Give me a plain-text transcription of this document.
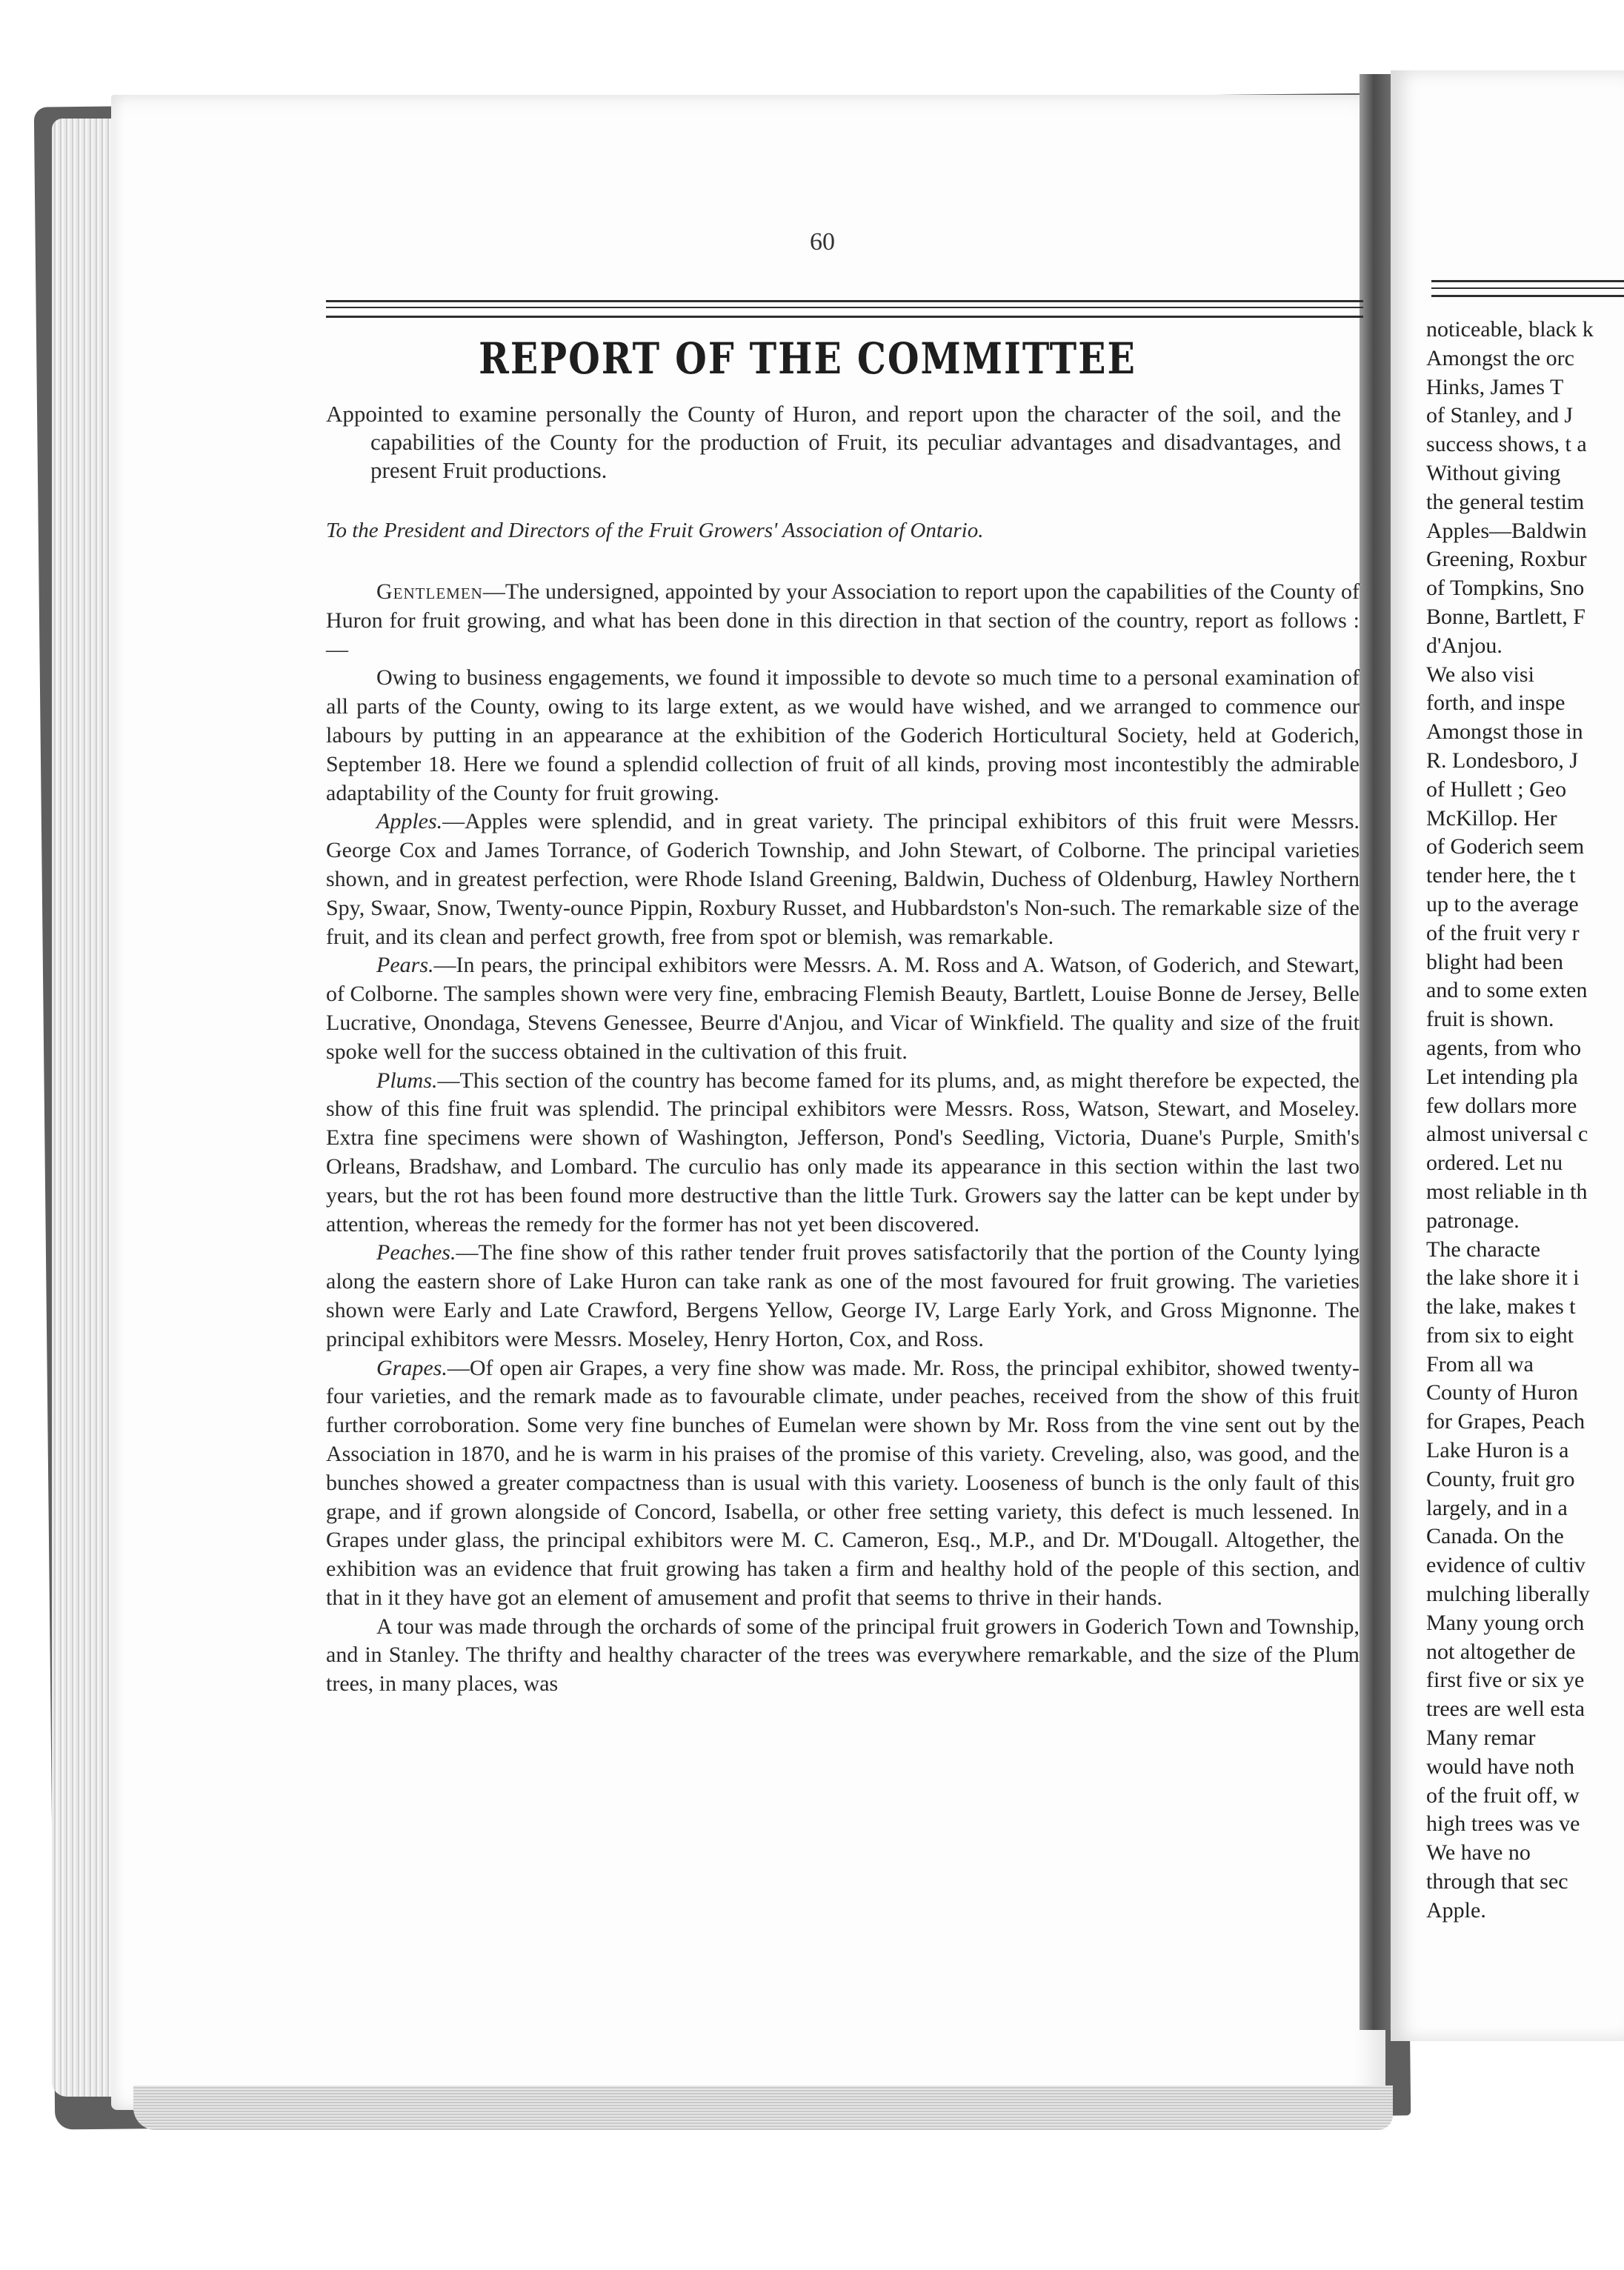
60
REPORT OF THE COMMITTEE
Appointed to examine personally the County of Huron, and report upon the character of the soil, and the capabilities of the County for the production of Fruit, its peculiar advantages and disadvantages, and present Fruit productions.
To the President and Directors of the Fruit Growers' Association of Ontario.

Gentlemen—The undersigned, appointed by your Association to report upon the capabilities of the County of Huron for fruit growing, and what has been done in this direction in that section of the country, report as follows :—

Owing to business engagements, we found it impossible to devote so much time to a personal examination of all parts of the County, owing to its large extent, as we would have wished, and we arranged to commence our labours by putting in an appearance at the exhibition of the Goderich Horticultural Society, held at Goderich, September 18. Here we found a splendid collection of fruit of all kinds, proving most incontestibly the admirable adaptability of the County for fruit growing.

Apples.—Apples were splendid, and in great variety. The principal exhibitors of this fruit were Messrs. George Cox and James Torrance, of Goderich Township, and John Stewart, of Colborne. The principal varieties shown, and in greatest perfection, were Rhode Island Greening, Baldwin, Duchess of Oldenburg, Hawley Northern Spy, Swaar, Snow, Twenty-ounce Pippin, Roxbury Russet, and Hubbardston's Non-such. The remarkable size of the fruit, and its clean and perfect growth, free from spot or blemish, was remarkable.

Pears.—In pears, the principal exhibitors were Messrs. A. M. Ross and A. Watson, of Goderich, and Stewart, of Colborne. The samples shown were very fine, embracing Flemish Beauty, Bartlett, Louise Bonne de Jersey, Belle Lucrative, Onondaga, Stevens Genessee, Beurre d'Anjou, and Vicar of Winkfield. The quality and size of the fruit spoke well for the success obtained in the cultivation of this fruit.

Plums.—This section of the country has become famed for its plums, and, as might therefore be expected, the show of this fine fruit was splendid. The principal exhibitors were Messrs. Ross, Watson, Stewart, and Moseley. Extra fine specimens were shown of Washington, Jefferson, Pond's Seedling, Victoria, Duane's Purple, Smith's Orleans, Bradshaw, and Lombard. The curculio has only made its appearance in this section within the last two years, but the rot has been found more destructive than the little Turk. Growers say the latter can be kept under by attention, whereas the remedy for the former has not yet been discovered.

Peaches.—The fine show of this rather tender fruit proves satisfactorily that the portion of the County lying along the eastern shore of Lake Huron can take rank as one of the most favoured for fruit growing. The varieties shown were Early and Late Crawford, Bergens Yellow, George IV, Large Early York, and Gross Mignonne. The principal exhibitors were Messrs. Moseley, Henry Horton, Cox, and Ross.

Grapes.—Of open air Grapes, a very fine show was made. Mr. Ross, the principal exhibitor, showed twenty-four varieties, and the remark made as to favourable climate, under peaches, received from the show of this fruit further corroboration. Some very fine bunches of Eumelan were shown by Mr. Ross from the vine sent out by the Association in 1870, and he is warm in his praises of the promise of this variety. Creveling, also, was good, and the bunches showed a greater compactness than is usual with this variety. Looseness of bunch is the only fault of this grape, and if grown alongside of Concord, Isabella, or other free setting variety, this defect is much lessened. In Grapes under glass, the principal exhibitors were M. C. Cameron, Esq., M.P., and Dr. M'Dougall. Altogether, the exhibition was an evidence that fruit growing has taken a firm and healthy hold of the people of this section, and that in it they have got an element of amusement and profit that seems to thrive in their hands.

A tour was made through the orchards of some of the principal fruit growers in Goderich Town and Township, and in Stanley. The thrifty and healthy character of the trees was everywhere remarkable, and the size of the Plum trees, in many places, was

noticeable, black k
Amongst the orc
Hinks, James T
of Stanley, and J
success shows, t a
Without giving
the general testim
Apples—Baldwin
Greening, Roxbur
of Tompkins, Sno
Bonne, Bartlett, F
d'Anjou.
We also visi
forth, and inspe
Amongst those in
R. Londesboro, J
of Hullett ; Geo
McKillop. Her
of Goderich seem
tender here, the t
up to the average
of the fruit very r
blight had been
and to some exten
fruit is shown.
agents, from who
Let intending pla
few dollars more
almost universal c
ordered. Let nu
most reliable in th
patronage.
The characte
the lake shore it i
the lake, makes t
from six to eight
From all wa
County of Huron
for Grapes, Peach
Lake Huron is a
County, fruit gro
largely, and in a
Canada. On the
evidence of cultiv
mulching liberally
Many young orch
not altogether de
first five or six ye
trees are well esta
Many remar
would have noth
of the fruit off, w
high trees was ve
We have no
through that sec
Apple.
